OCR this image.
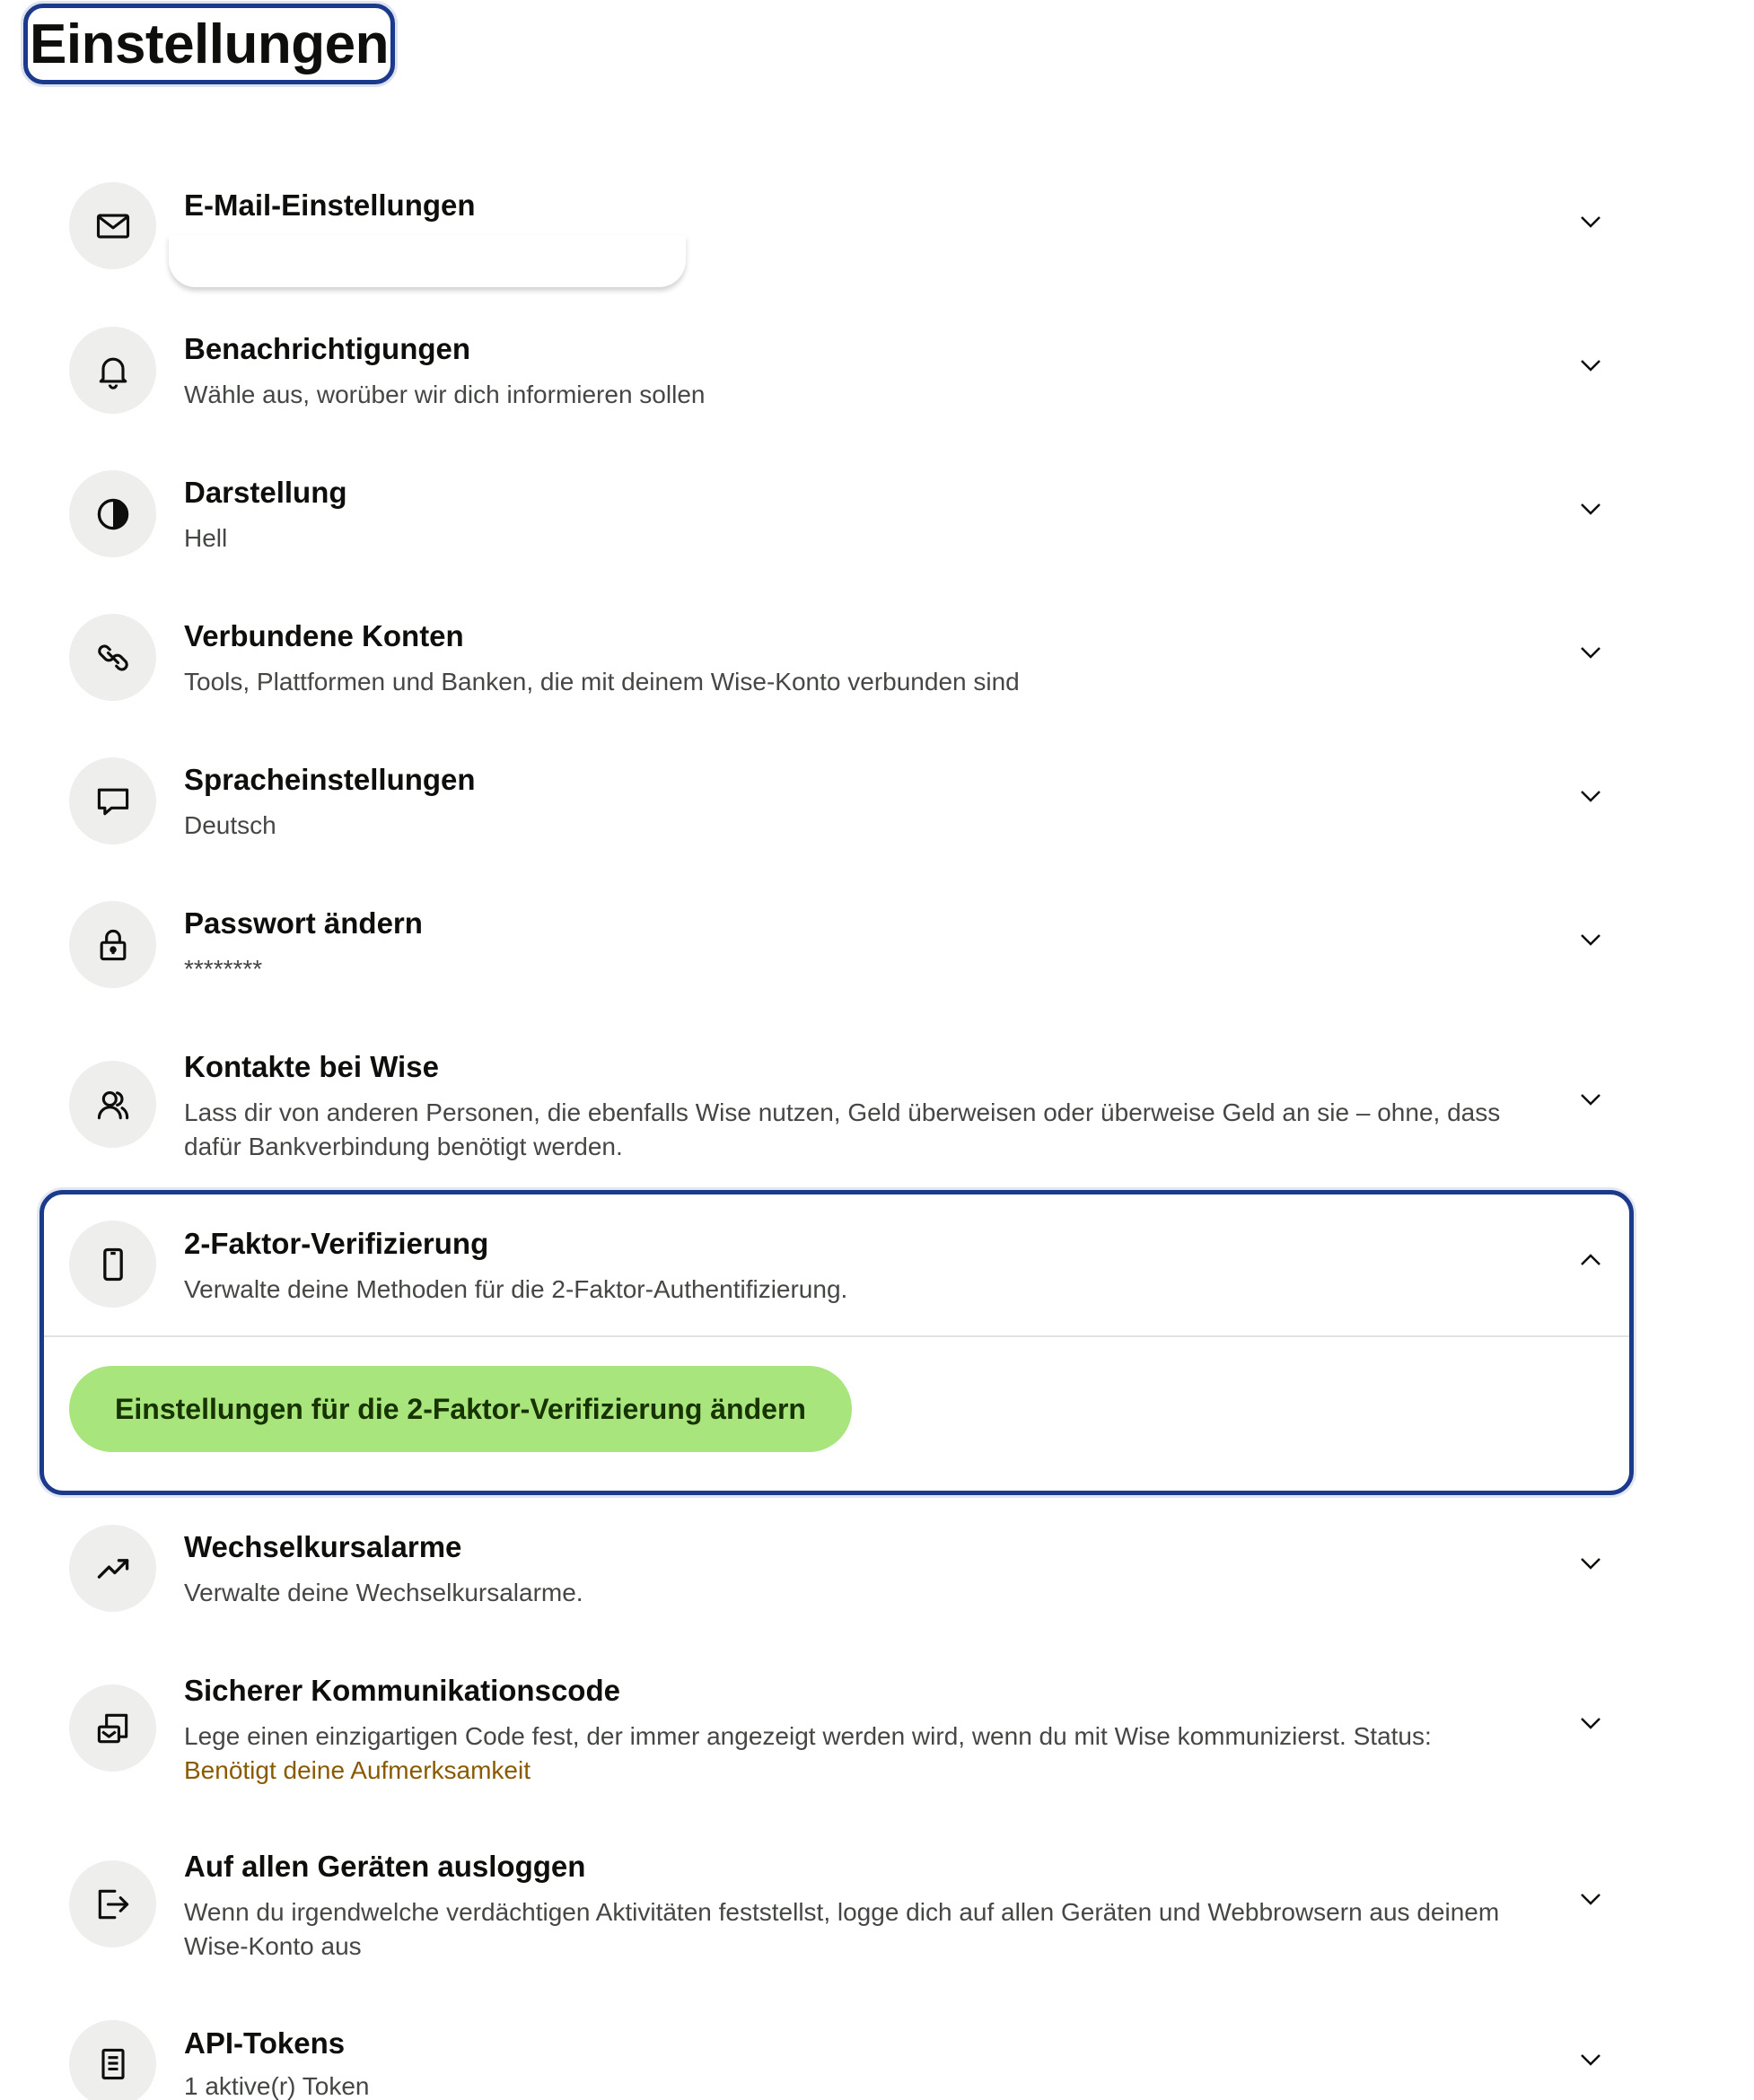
Einstellungen
E-Mail-Einstellungen
Benachrichtigungen
Wähle aus, worüber wir dich informieren sollen
Darstellung
Hell
Verbundene Konten
Tools, Plattformen und Banken, die mit deinem Wise-Konto verbunden sind
Spracheinstellungen
Deutsch
Passwort ändern
********
Kontakte bei Wise
Lass dir von anderen Personen, die ebenfalls Wise nutzen, Geld überweisen oder überweise Geld an sie – ohne, dass dafür Bankverbindung benötigt werden.
2-Faktor-Verifizierung
Verwalte deine Methoden für die 2-Faktor-Authentifizierung.
Einstellungen für die 2-Faktor-Verifizierung ändern
Wechselkursalarme
Verwalte deine Wechselkursalarme.
Sicherer Kommunikationscode
Lege einen einzigartigen Code fest, der immer angezeigt werden wird, wenn du mit Wise kommunizierst. Status:
Benötigt deine Aufmerksamkeit
Auf allen Geräten ausloggen
Wenn du irgendwelche verdächtigen Aktivitäten feststellst, logge dich auf allen Geräten und Webbrowsern aus deinem Wise-Konto aus
API-Tokens
1 aktive(r) Token
